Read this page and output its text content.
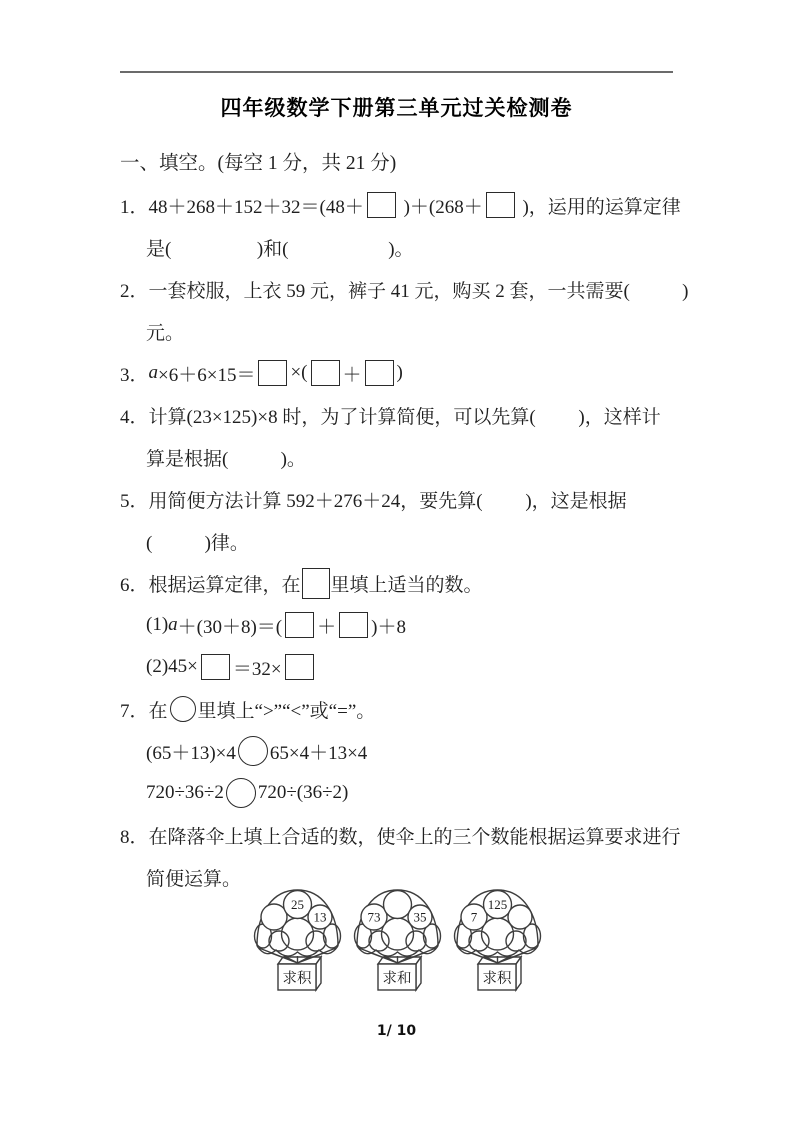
四年级数学下册第三单元过关检测卷
一、填空。(每空 1 分，共 21 分)
1．48＋268＋152＋32＝(48＋ )＋(268＋ )，运用的运算定律
是(                  )和(                     )。
2．一套校服，上衣 59 元，裤子 41 元，购买 2 套，一共需要(           )
元。
3． a ×6＋6×15＝ ×( ＋ )
4．计算(23×125)×8 时，为了计算简便，可以先算(         )，这样计
算是根据(           )。
5．用简便方法计算 592＋276＋24，要先算(         )，这是根据
(           )律。
6．根据运算定律，在 里填上适当的数。
(1) a ＋(30＋8)＝( ＋ )＋8
(2)45× ＝32×
7．在 里填上“>”“<”或“=”。
(65＋13)×4 65×4＋13×4
720÷36÷2 720÷(36÷2)
8．在降落伞上填上合适的数，使伞上的三个数能根据运算要求进行
简便运算。
25
13
求积
73	35
求和
7
125
求积
1/ 10
